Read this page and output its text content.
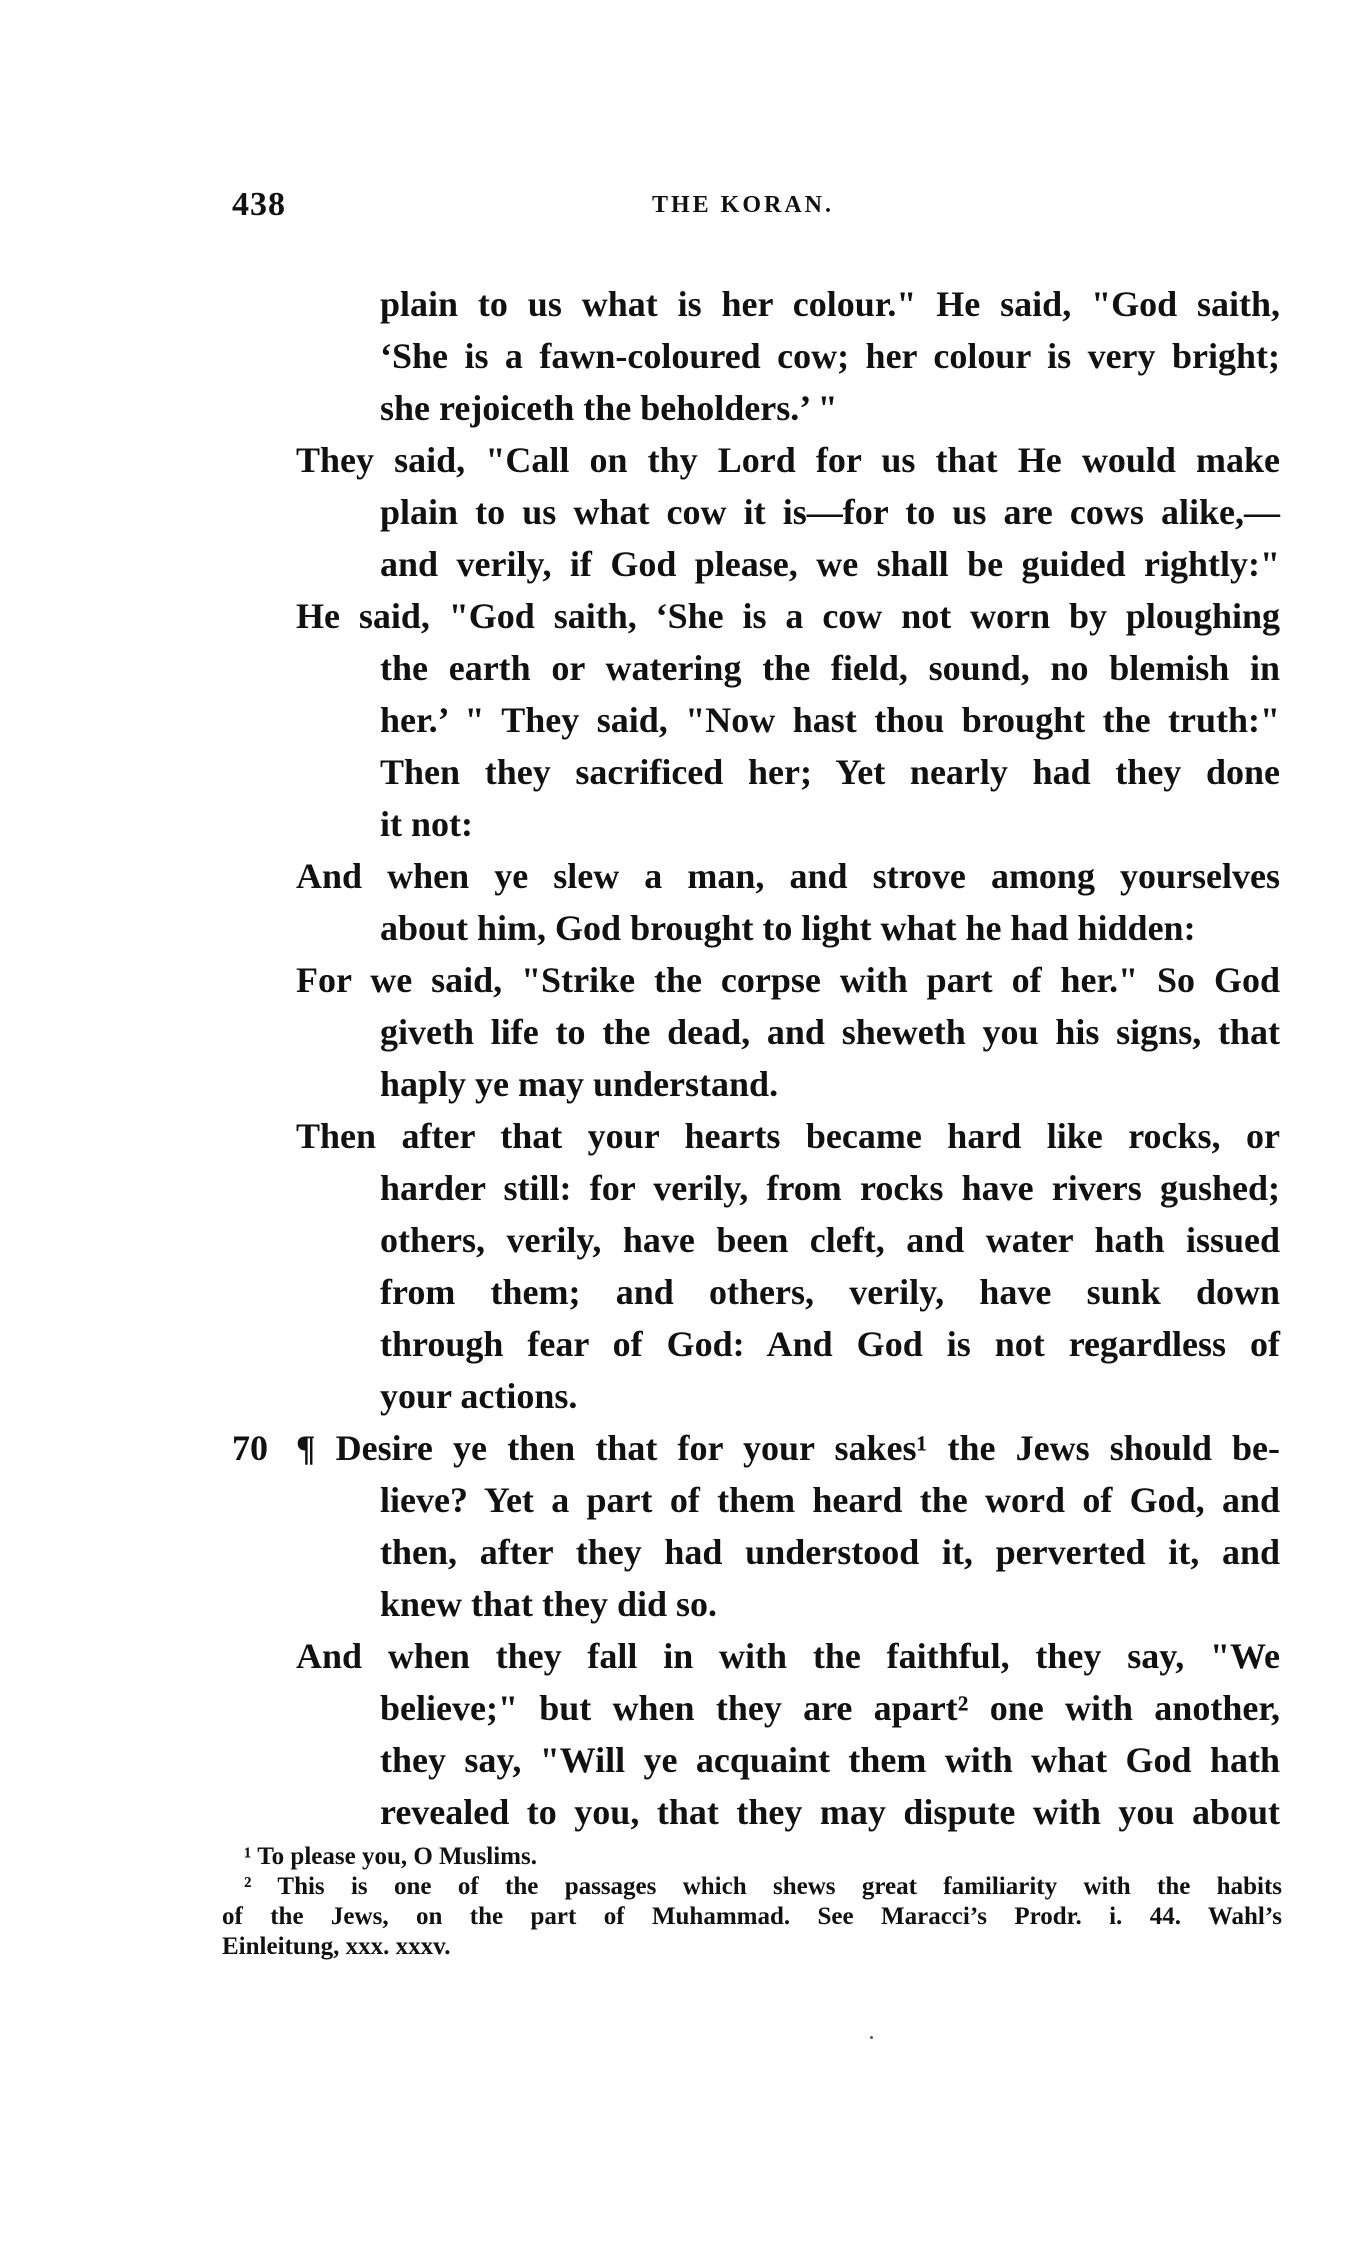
438	THE KORAN.
plain to us what is her colour." He said, "God saith,
‘She is a fawn-coloured cow; her colour is very bright;
she rejoiceth the beholders.’ "
They said, "Call on thy Lord for us that He would make
plain to us what cow it is—for to us are cows alike,—
and verily, if God please, we shall be guided rightly:"
He said, "God saith, ‘She is a cow not worn by ploughing
the earth or watering the field, sound, no blemish in
her.’ " They said, "Now hast thou brought the truth:"
Then they sacrificed her; Yet nearly had they done
it not:
And when ye slew a man, and strove among yourselves
about him, God brought to light what he had hidden:
For we said, "Strike the corpse with part of her." So God
giveth life to the dead, and sheweth you his signs, that
haply ye may understand.
Then after that your hearts became hard like rocks, or
harder still: for verily, from rocks have rivers gushed;
others, verily, have been cleft, and water hath issued
from them; and others, verily, have sunk down
through fear of God: And God is not regardless of
your actions.
70 ¶ Desire ye then that for your sakes¹ the Jews should be-
lieve? Yet a part of them heard the word of God, and
then, after they had understood it, perverted it, and
knew that they did so.
And when they fall in with the faithful, they say, "We
believe;" but when they are apart² one with another,
they say, "Will ye acquaint them with what God hath
revealed to you, that they may dispute with you about
¹ To please you, O Muslims.
² This is one of the passages which shews great familiarity with the habits
of the Jews, on the part of Muhammad. See Maracci’s Prodr. i. 44. Wahl’s
Einleitung, xxx. xxxv.
